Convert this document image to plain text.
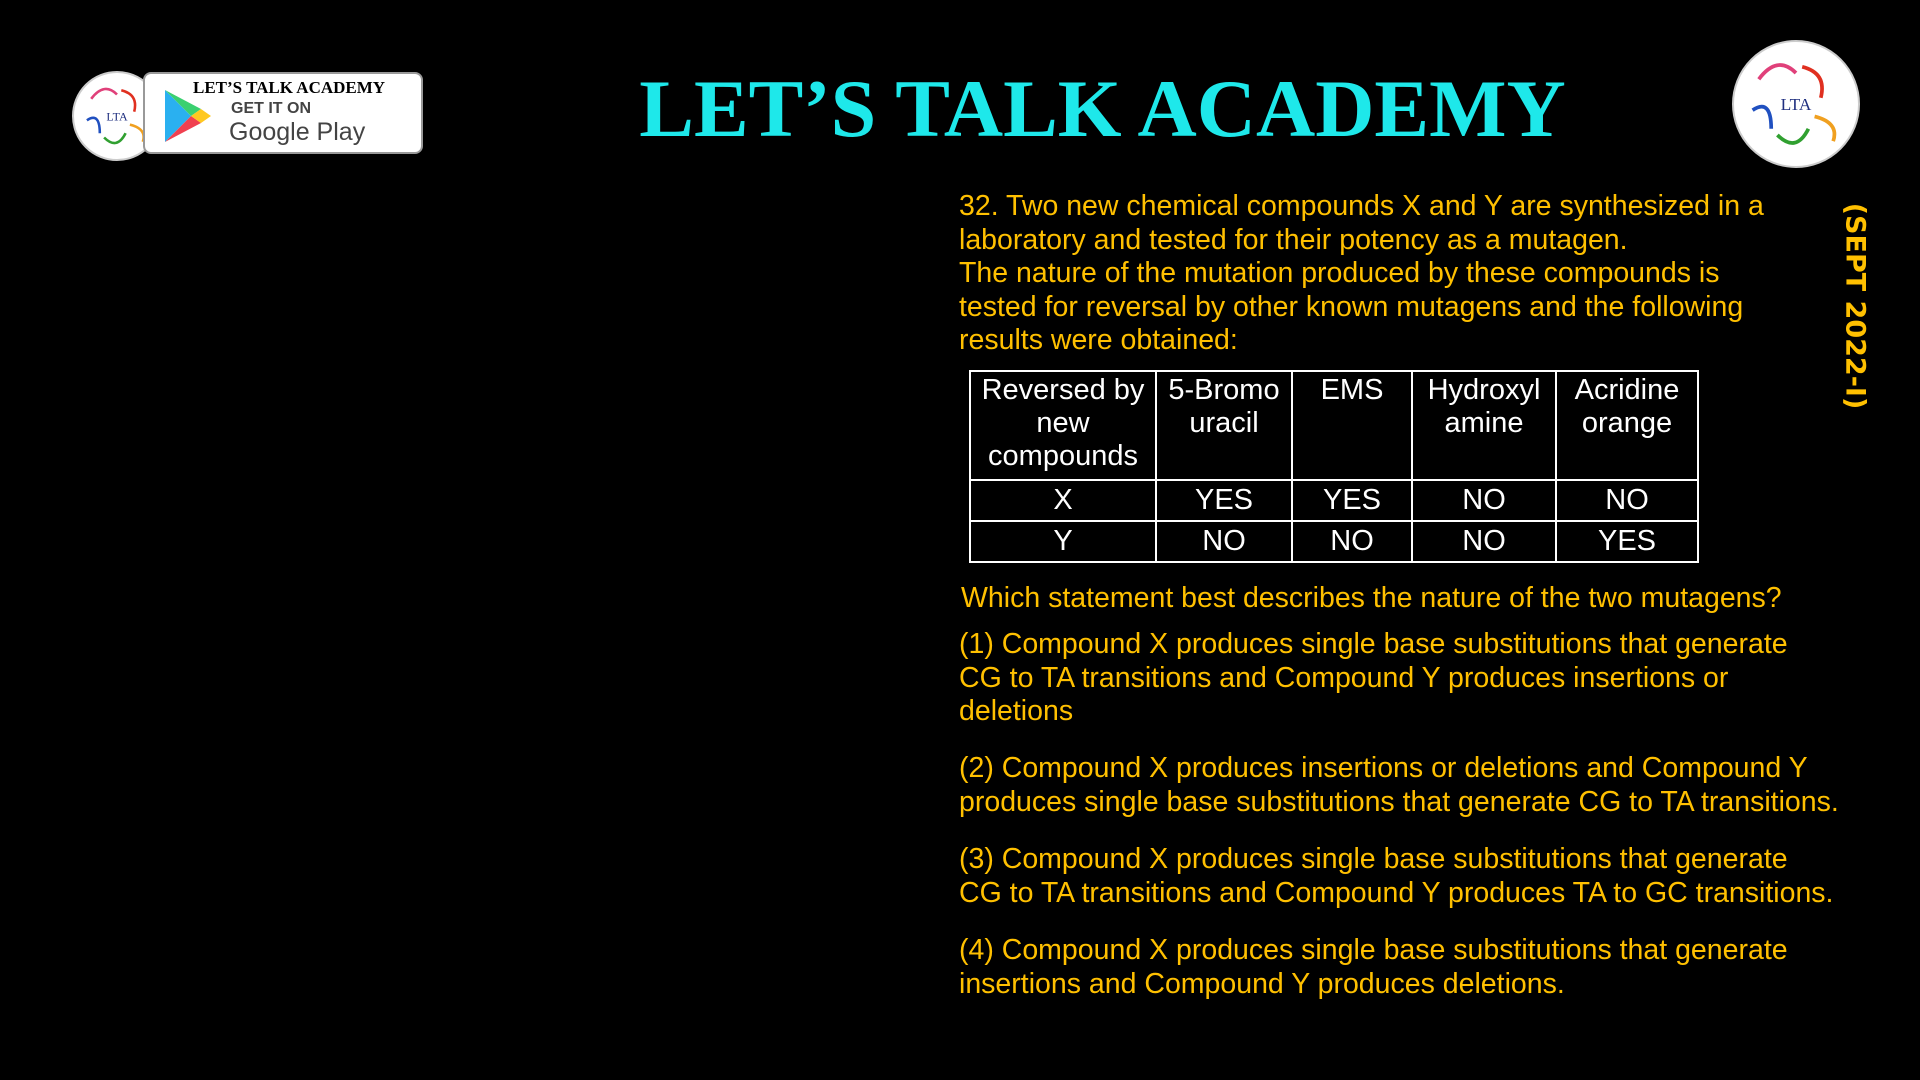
LTA
LET’S TALK ACADEMY
GET IT ON
Google Play	LET’S TALK ACADEMY	LTA
(SEPT 2022-I)
32. Two new chemical compounds X and Y are synthesized in a
laboratory and tested for their potency as a mutagen.
The nature of the mutation produced by these compounds is
tested for reversal by other known mutagens and the following
results were obtained:
Reversed by new compounds	5-Bromo uracil	EMS	Hydroxyl amine	Acridine orange
X	YES	YES	NO	NO
Y	NO	NO	NO	YES
Which statement best describes the nature of the two mutagens?
(1) Compound X produces single base substitutions that generate
CG to TA transitions and Compound Y produces insertions or
deletions
(2) Compound X produces insertions or deletions and Compound Y
produces single base substitutions that generate CG to TA transitions.
(3) Compound X produces single base substitutions that generate
CG to TA transitions and Compound Y produces TA to GC transitions.
(4) Compound X produces single base substitutions that generate
insertions and Compound Y produces deletions.
